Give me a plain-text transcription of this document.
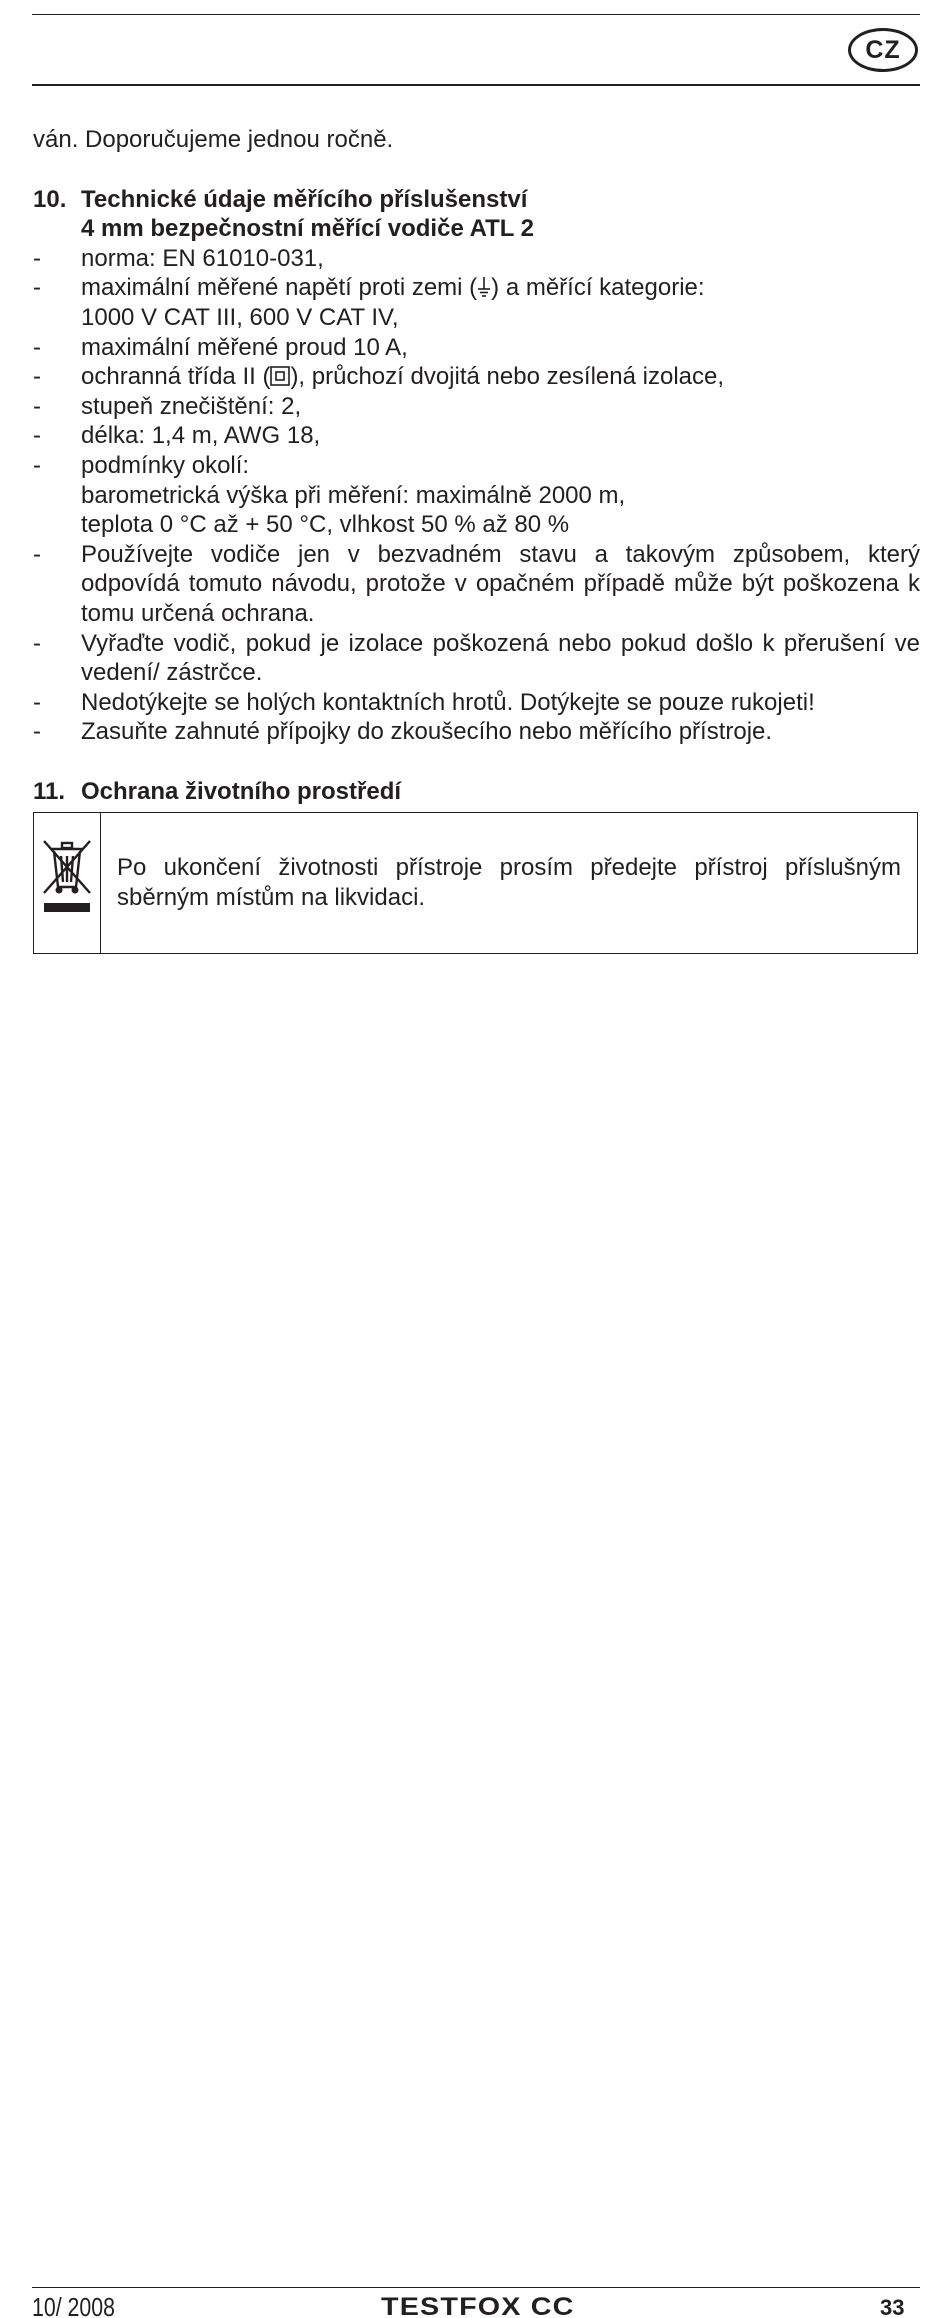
CZ

ván. Doporučujeme jednou ročně.

10. Technické údaje měřícího příslušenství
4 mm bezpečnostní měřící vodiče ATL 2
- norma: EN 61010-031,
- maximální měřené napětí proti zemi ( ) a měřící kategorie:
1000 V CAT III, 600 V CAT IV,
- maximální měřené proud 10 A,
- ochranná třída II ( ), průchozí dvojitá nebo zesílená izolace,
- stupeň znečištění: 2,
- délka: 1,4 m, AWG 18,
- podmínky okolí:
barometrická výška při měření: maximálně 2000 m,
teplota 0 °C až + 50 °C, vlhkost 50 % až 80 %
- Používejte vodiče jen v bezvadném stavu a takovým způsobem, který odpovídá tomuto návodu, protože v opačném případě může být poškozena k tomu určená ochrana.
- Vyřaďte vodič, pokud je izolace poškozená nebo pokud došlo k přerušení ve vedení/ zástrčce.
- Nedotýkejte se holých kontaktních hrotů. Dotýkejte se pouze rukojeti!
- Zasuňte zahnuté přípojky do zkoušecího nebo měřícího přístroje.
11. Ochrana životního prostředí
Po ukončení životnosti přístroje prosím předejte přístroj příslušným sběrným místům na likvidaci.
10/ 2008	TESTFOX CC	33
